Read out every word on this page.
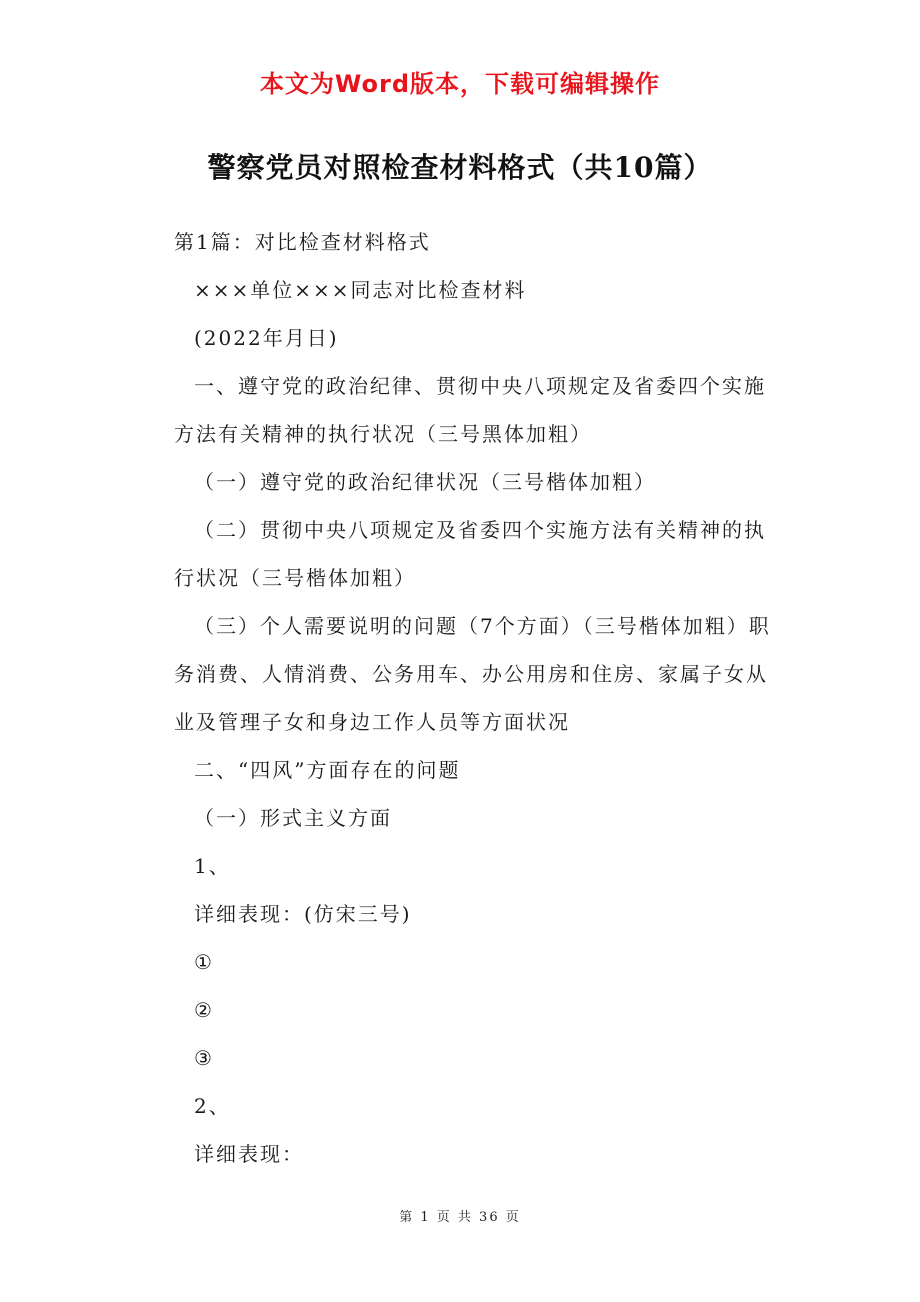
本文为Word版本，下载可编辑操作
警察党员对照检查材料格式（共10篇）

第1篇：对比检查材料格式

×××单位×××同志对比检查材料

(2022年月日)

一、遵守党的政治纪律、贯彻中央八项规定及省委四个实施方法有关精神的执行状况（三号黑体加粗）

（一）遵守党的政治纪律状况（三号楷体加粗）

（二）贯彻中央八项规定及省委四个实施方法有关精神的执行状况（三号楷体加粗）

（三）个人需要说明的问题（7个方面）（三号楷体加粗）职务消费、人情消费、公务用车、办公用房和住房、家属子女从业及管理子女和身边工作人员等方面状况

二、“四风”方面存在的问题

（一）形式主义方面

1、

详细表现：(仿宋三号)

①

②

③

2、

详细表现：

第 1 页 共 36 页
